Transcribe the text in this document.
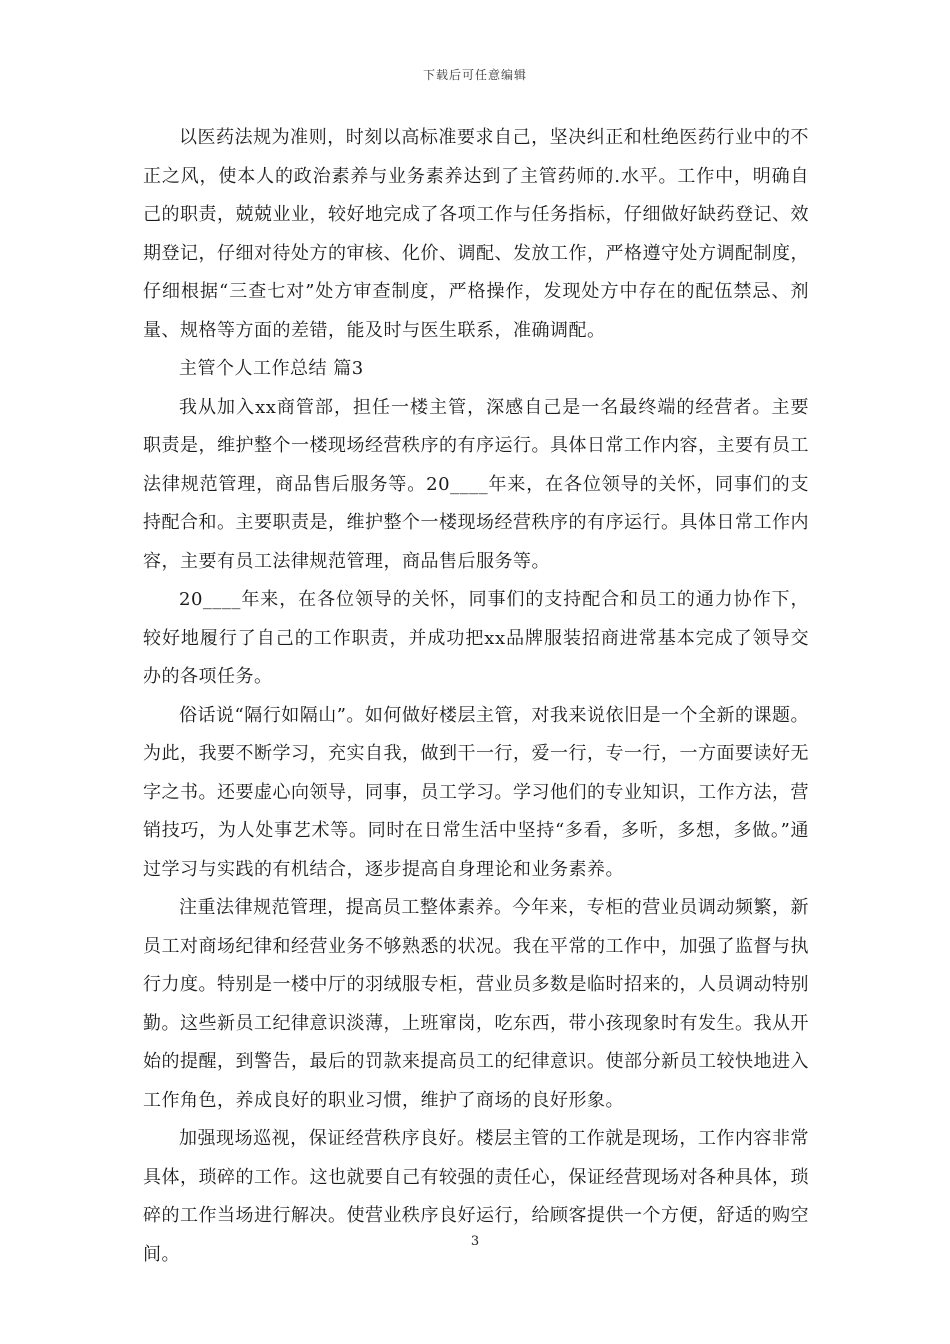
下载后可任意编辑

以医药法规为准则，时刻以高标准要求自己，坚决纠正和杜绝医药行业中的不正之风，使本人的政治素养与业务素养达到了主管药师的.水平。工作中，明确自己的职责，兢兢业业，较好地完成了各项工作与任务指标，仔细做好缺药登记、效期登记，仔细对待处方的审核、化价、调配、发放工作，严格遵守处方调配制度，仔细根据“三查七对”处方审查制度，严格操作，发现处方中存在的配伍禁忌、剂量、规格等方面的差错，能及时与医生联系，准确调配。

主管个人工作总结 篇3

我从加入xx商管部，担任一楼主管，深感自己是一名最终端的经营者。主要职责是，维护整个一楼现场经营秩序的有序运行。具体日常工作内容，主要有员工法律规范管理，商品售后服务等。20____年来，在各位领导的关怀，同事们的支持配合和。主要职责是，维护整个一楼现场经营秩序的有序运行。具体日常工作内容，主要有员工法律规范管理，商品售后服务等。

20____年来，在各位领导的关怀，同事们的支持配合和员工的通力协作下，较好地履行了自己的工作职责，并成功把xx品牌服装招商进常基本完成了领导交办的各项任务。

俗话说“隔行如隔山”。如何做好楼层主管，对我来说依旧是一个全新的课题。为此，我要不断学习，充实自我，做到干一行，爱一行，专一行，一方面要读好无字之书。还要虚心向领导，同事，员工学习。学习他们的专业知识，工作方法，营销技巧，为人处事艺术等。同时在日常生活中坚持“多看，多听，多想，多做。”通过学习与实践的有机结合，逐步提高自身理论和业务素养。

注重法律规范管理，提高员工整体素养。今年来，专柜的营业员调动频繁，新员工对商场纪律和经营业务不够熟悉的状况。我在平常的工作中，加强了监督与执行力度。特别是一楼中厅的羽绒服专柜，营业员多数是临时招来的，人员调动特别勤。这些新员工纪律意识淡薄，上班窜岗，吃东西，带小孩现象时有发生。我从开始的提醒，到警告，最后的罚款来提高员工的纪律意识。使部分新员工较快地进入工作角色，养成良好的职业习惯，维护了商场的良好形象。

加强现场巡视，保证经营秩序良好。楼层主管的工作就是现场，工作内容非常具体，琐碎的工作。这也就要自己有较强的责任心，保证经营现场对各种具体，琐碎的工作当场进行解决。使营业秩序良好运行，给顾客提供一个方便，舒适的购空间。

3
